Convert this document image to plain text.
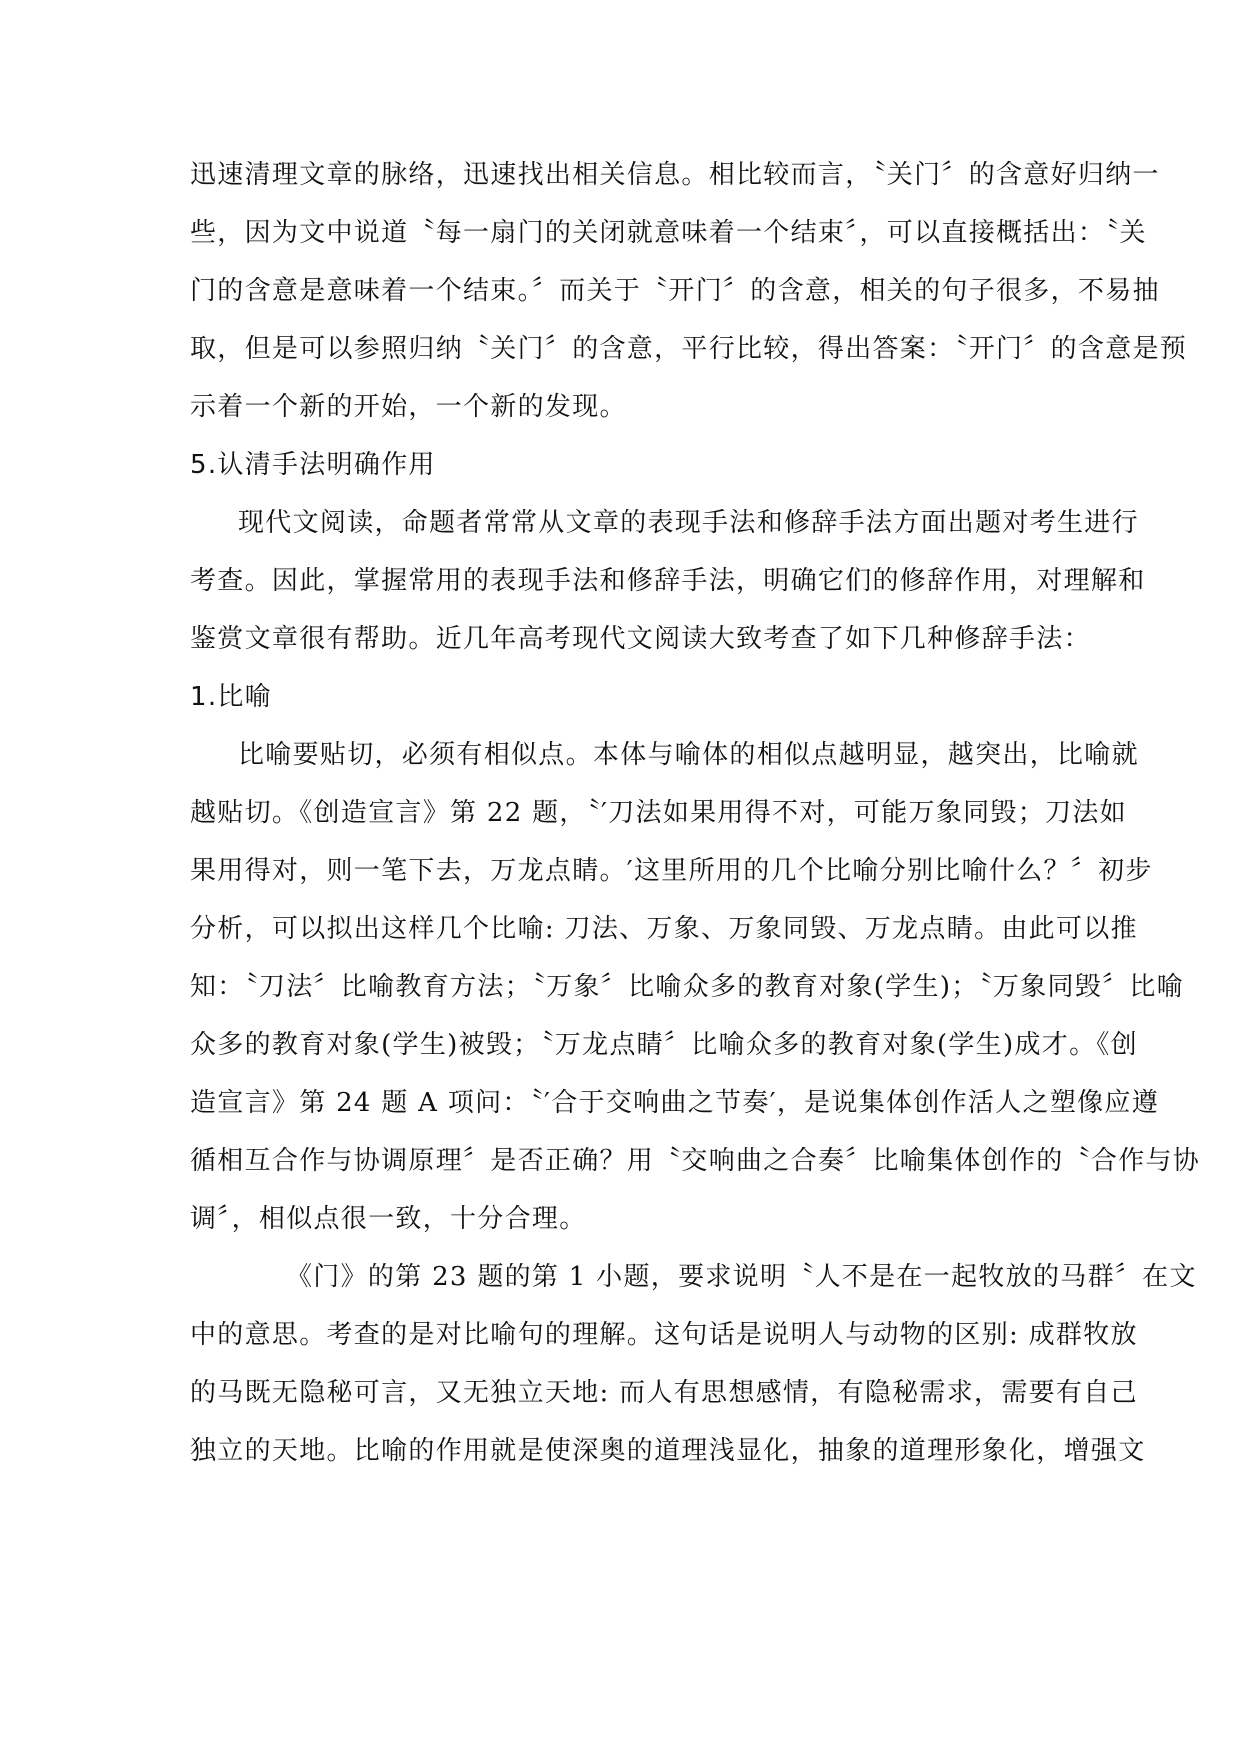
迅速清理文章的脉络，迅速找出相关信息。相比较而言，〝关门〞的含意好归纳一
些，因为文中说道〝每一扇门的关闭就意味着一个结束〞，可以直接概括出：〝关
门的含意是意味着一个结束。〞而关于〝开门〞的含意，相关的句子很多，不易抽
取，但是可以参照归纳〝关门〞的含意，平行比较，得出答案：〝开门〞的含意是预
示着一个新的开始，一个新的发现。
5.认清手法明确作用
现代文阅读，命题者常常从文章的表现手法和修辞手法方面出题对考生进行
考查。因此，掌握常用的表现手法和修辞手法，明确它们的修辞作用，对理解和
鉴赏文章很有帮助。近几年高考现代文阅读大致考查了如下几种修辞手法：
1.比喻
比喻要贴切，必须有相似点。本体与喻体的相似点越明显，越突出，比喻就
越贴切。《创造宣言》第 22 题，〝′刀法如果用得不对，可能万象同毁；刀法如
果用得对，则一笔下去，万龙点睛。′这里所用的几个比喻分别比喻什么？〞初步
分析，可以拟出这样几个比喻: 刀法、万象、万象同毁、万龙点睛。由此可以推
知：〝刀法〞比喻教育方法；〝万象〞比喻众多的教育对象(学生)；〝万象同毁〞比喻
众多的教育对象(学生)被毁；〝万龙点睛〞比喻众多的教育对象(学生)成才。《创
造宣言》第 24 题 A 项问：〝′合于交响曲之节奏′，是说集体创作活人之塑像应遵
循相互合作与协调原理〞是否正确？用〝交响曲之合奏〞比喻集体创作的〝合作与协
调〞，相似点很一致，十分合理。
《门》的第 23 题的第 1 小题，要求说明〝人不是在一起牧放的马群〞在文
中的意思。考查的是对比喻句的理解。这句话是说明人与动物的区别: 成群牧放
的马既无隐秘可言，又无独立天地: 而人有思想感情，有隐秘需求，需要有自己
独立的天地。比喻的作用就是使深奥的道理浅显化，抽象的道理形象化，增强文
